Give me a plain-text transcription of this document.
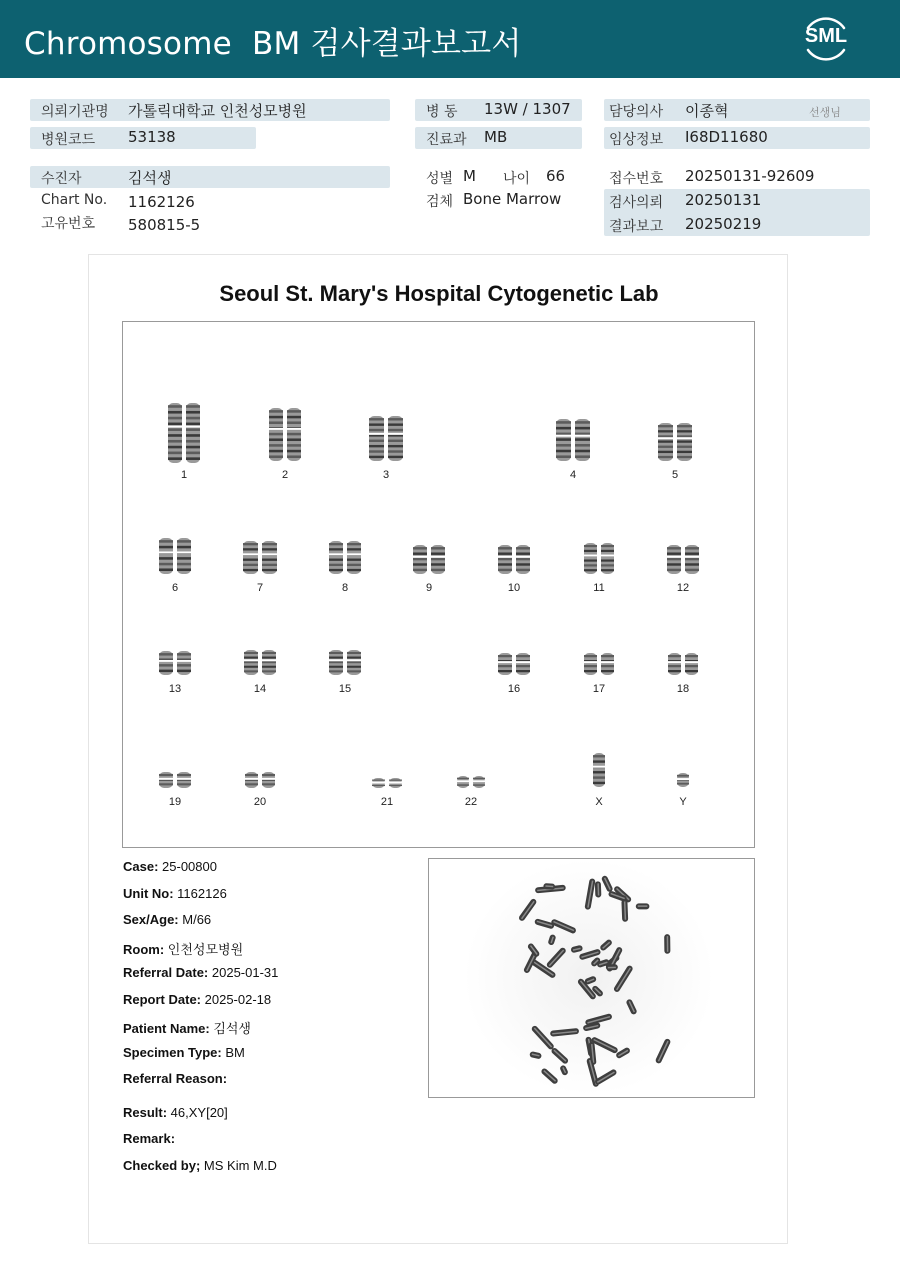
Chromosome  BM 검사결과보고서	SML
의뢰기관명 가톨릭대학교 인천성모병원
병원코드 53138
수진자	김석생
Chart No. 1162126
고유번호 580815-5
병 동 13W / 1307
진료과 MB
성별 M 나이 66
검체 Bone Marrow
담당의사 이종혁	선생님
임상정보 I68D11680
접수번호 20250131-92609
검사의뢰 20250131
결과보고 20250219
Seoul St. Mary's Hospital Cytogenetic Lab
1	2	3	4	5
6	7	8	9	10	11	12
13	14	15	16	17	18
19	20	21	22	X	Y
Case: 25-00800
Unit No: 1162126
Sex/Age: M/66
Room: 인천성모병원
Referral Date: 2025-01-31
Report Date: 2025-02-18
Patient Name: 김석생
Specimen Type: BM
Referral Reason:
Result: 46,XY[20]
Remark:
Checked by; MS Kim M.D
